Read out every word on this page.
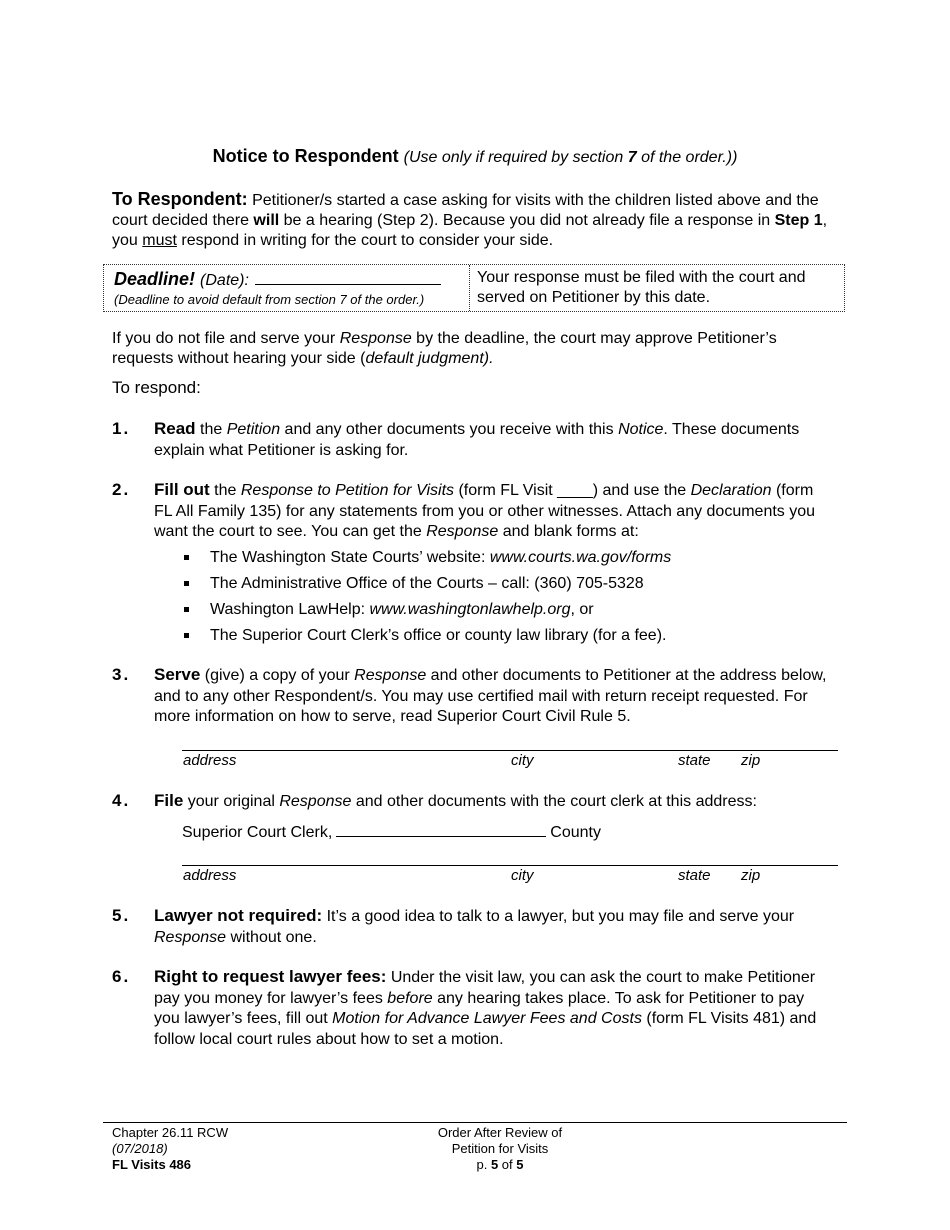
Notice to Respondent (Use only if required by section 7 of the order.))
To Respondent: Petitioner/s started a case asking for visits with the children listed above and the court decided there will be a hearing (Step 2). Because you did not already file a response in Step 1, you must respond in writing for the court to consider your side.
Deadline! (Date):
(Deadline to avoid default from section 7 of the order.)
Your response must be filed with the court and served on Petitioner by this date.
If you do not file and serve your Response by the deadline, the court may approve Petitioner’s requests without hearing your side (default judgment).
To respond:
1. Read the Petition and any other documents you receive with this Notice. These documents explain what Petitioner is asking for.
2. Fill out the Response to Petition for Visits (form FL Visit ____) and use the Declaration (form FL All Family 135) for any statements from you or other witnesses. Attach any documents you want the court to see. You can get the Response and blank forms at:
The Washington State Courts’ website: www.courts.wa.gov/forms
The Administrative Office of the Courts – call: (360) 705-5328
Washington LawHelp: www.washingtonlawhelp.org, or
The Superior Court Clerk’s office or county law library (for a fee).
3. Serve (give) a copy of your Response and other documents to Petitioner at the address below, and to any other Respondent/s. You may use certified mail with return receipt requested. For more information on how to serve, read Superior Court Civil Rule 5.
address	city	state zip
4. File your original Response and other documents with the court clerk at this address:
Superior Court Clerk,	County
address	city	state zip
5. Lawyer not required: It’s a good idea to talk to a lawyer, but you may file and serve your Response without one.
6. Right to request lawyer fees: Under the visit law, you can ask the court to make Petitioner pay you money for lawyer’s fees before any hearing takes place. To ask for Petitioner to pay you lawyer’s fees, fill out Motion for Advance Lawyer Fees and Costs (form FL Visits 481) and follow local court rules about how to set a motion.
Chapter 26.11 RCW
(07/2018)
FL Visits 486
Order After Review of
Petition for Visits
p. 5 of 5
